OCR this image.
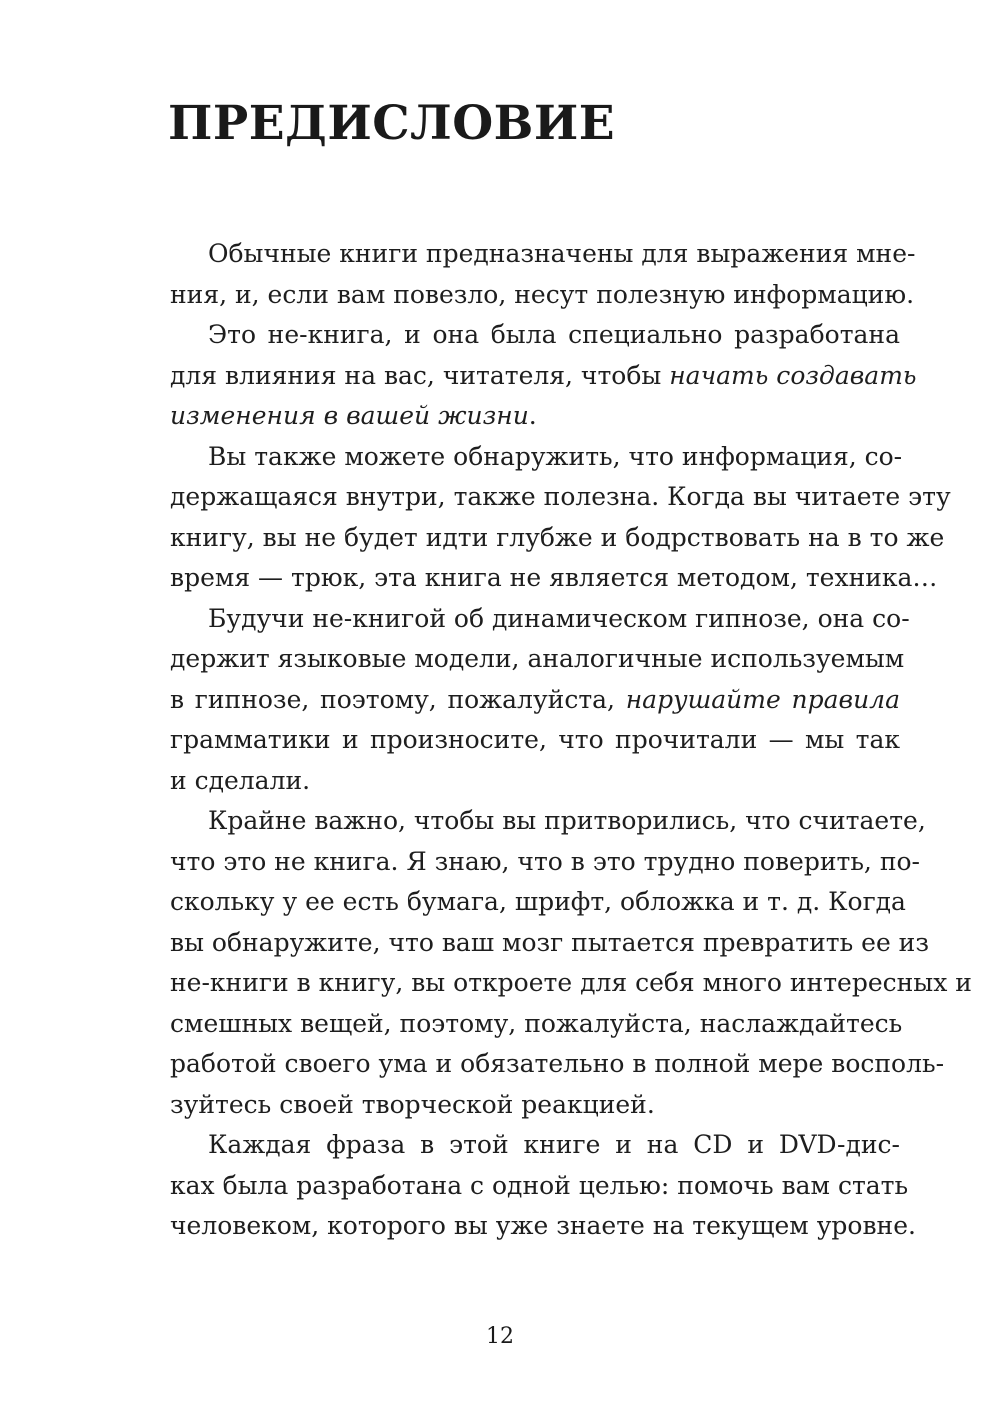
ПРЕДИСЛОВИЕ
Обычные книги предназначены для выражения мне-
ния, и, если вам повезло, несут полезную информацию.
Это не-книга, и она была специально разработана
для влияния на вас, читателя, чтобы начать создавать
изменения в вашей жизни.
Вы также можете обнаружить, что информация, со-
держащаяся внутри, также полезна. Когда вы читаете эту
книгу, вы не будет идти глубже и бодрствовать на в то же
время — трюк, эта книга не является методом, техника…
Будучи не-книгой об динамическом гипнозе, она со-
держит языковые модели, аналогичные используемым
в гипнозе, поэтому, пожалуйста, нарушайте правила
грамматики и произносите, что прочитали — мы так
и сделали.
Крайне важно, чтобы вы притворились, что считаете,
что это не книга. Я знаю, что в это трудно поверить, по-
скольку у ее есть бумага, шрифт, обложка и т. д. Когда
вы обнаружите, что ваш мозг пытается превратить ее из
не-книги в книгу, вы откроете для себя много интересных и
смешных вещей, поэтому, пожалуйста, наслаждайтесь
работой своего ума и обязательно в полной мере восполь-
зуйтесь своей творческой реакцией.
Каждая фраза в этой книге и на CD и DVD-дис-
ках была разработана с одной целью: помочь вам стать
человеком, которого вы уже знаете на текущем уровне.
12
